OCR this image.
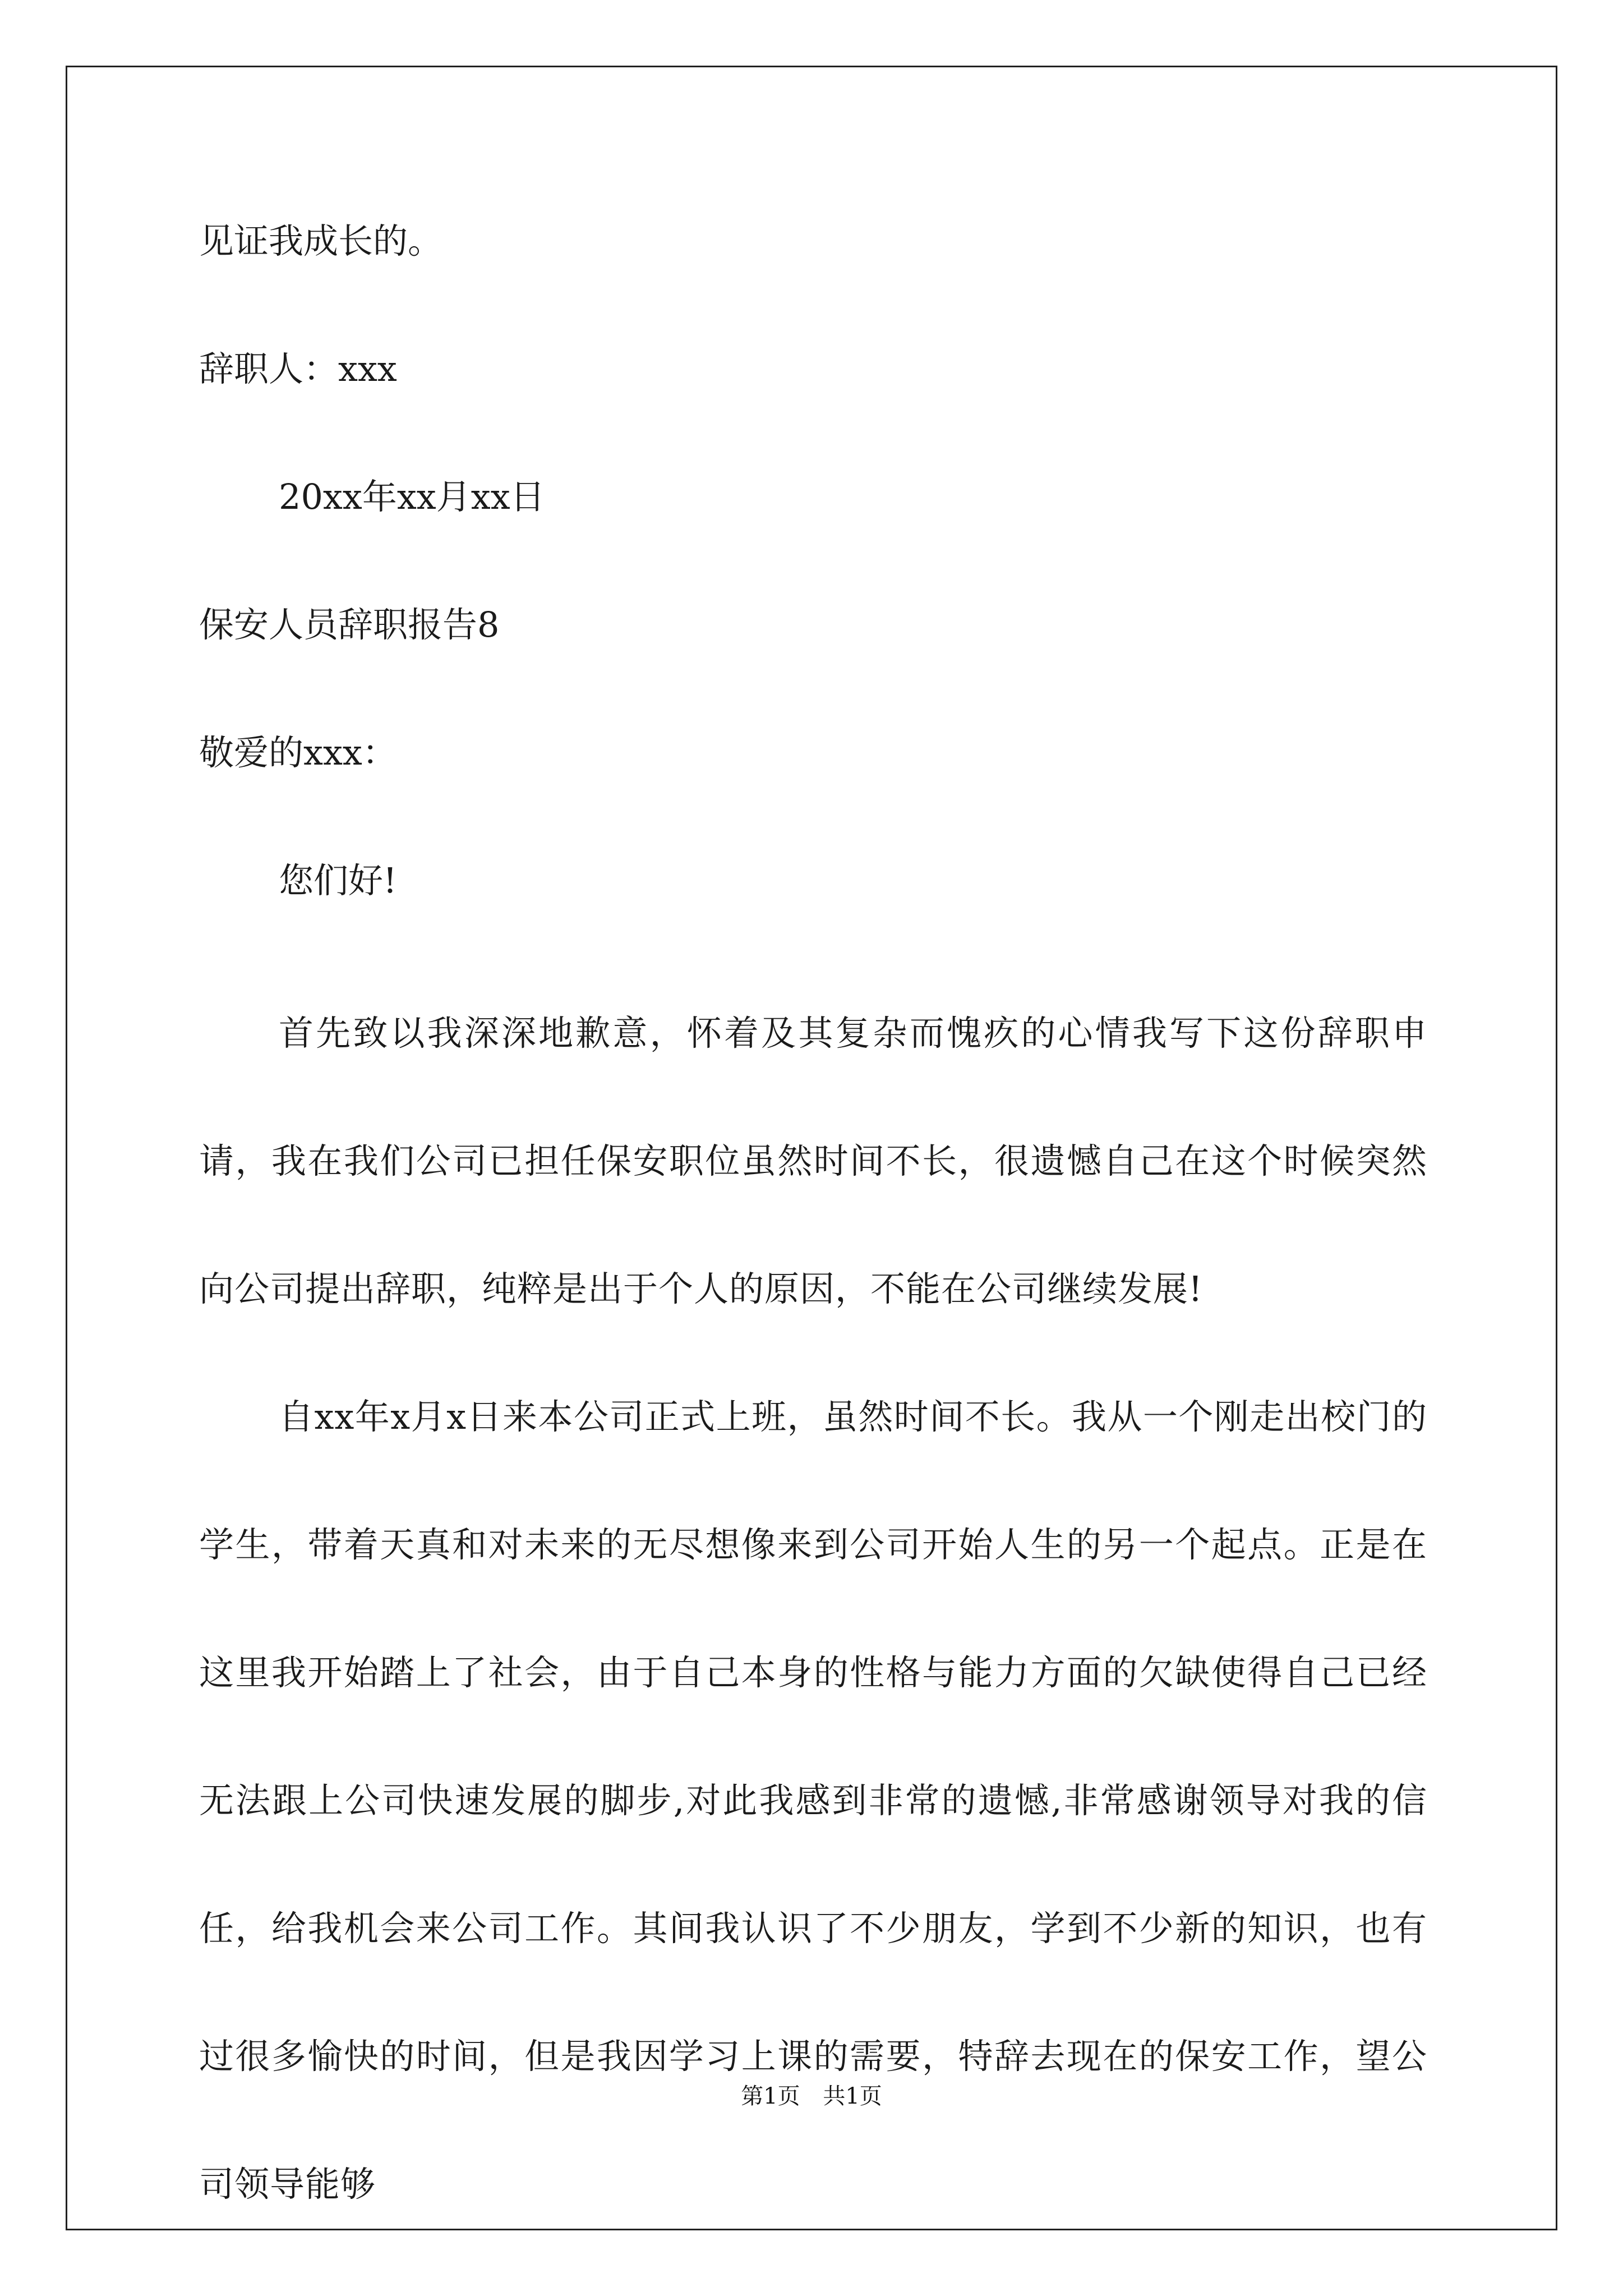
见证我成长的。
辞职人：xxx
20xx年xx月xx日
保安人员辞职报告8
敬爱的xxx：
您们好!
首先致以我深深地歉意，怀着及其复杂而愧疚的心情我写下这份辞职申请，我在我们公司已担任保安职位虽然时间不长，很遗憾自己在这个时候突然向公司提出辞职，纯粹是出于个人的原因，不能在公司继续发展!
自xx年x月x日来本公司正式上班，虽然时间不长。我从一个刚走出校门的学生，带着天真和对未来的无尽想像来到公司开始人生的另一个起点。正是在这里我开始踏上了社会，由于自己本身的性格与能力方面的欠缺使得自己已经无法跟上公司快速发展的脚步,对此我感到非常的遗憾,非常感谢领导对我的信任，给我机会来公司工作。其间我认识了不少朋友，学到不少新的知识，也有过很多愉快的时间，但是我因学习上课的需要，特辞去现在的保安工作，望公司领导能够
第1页 共1页
